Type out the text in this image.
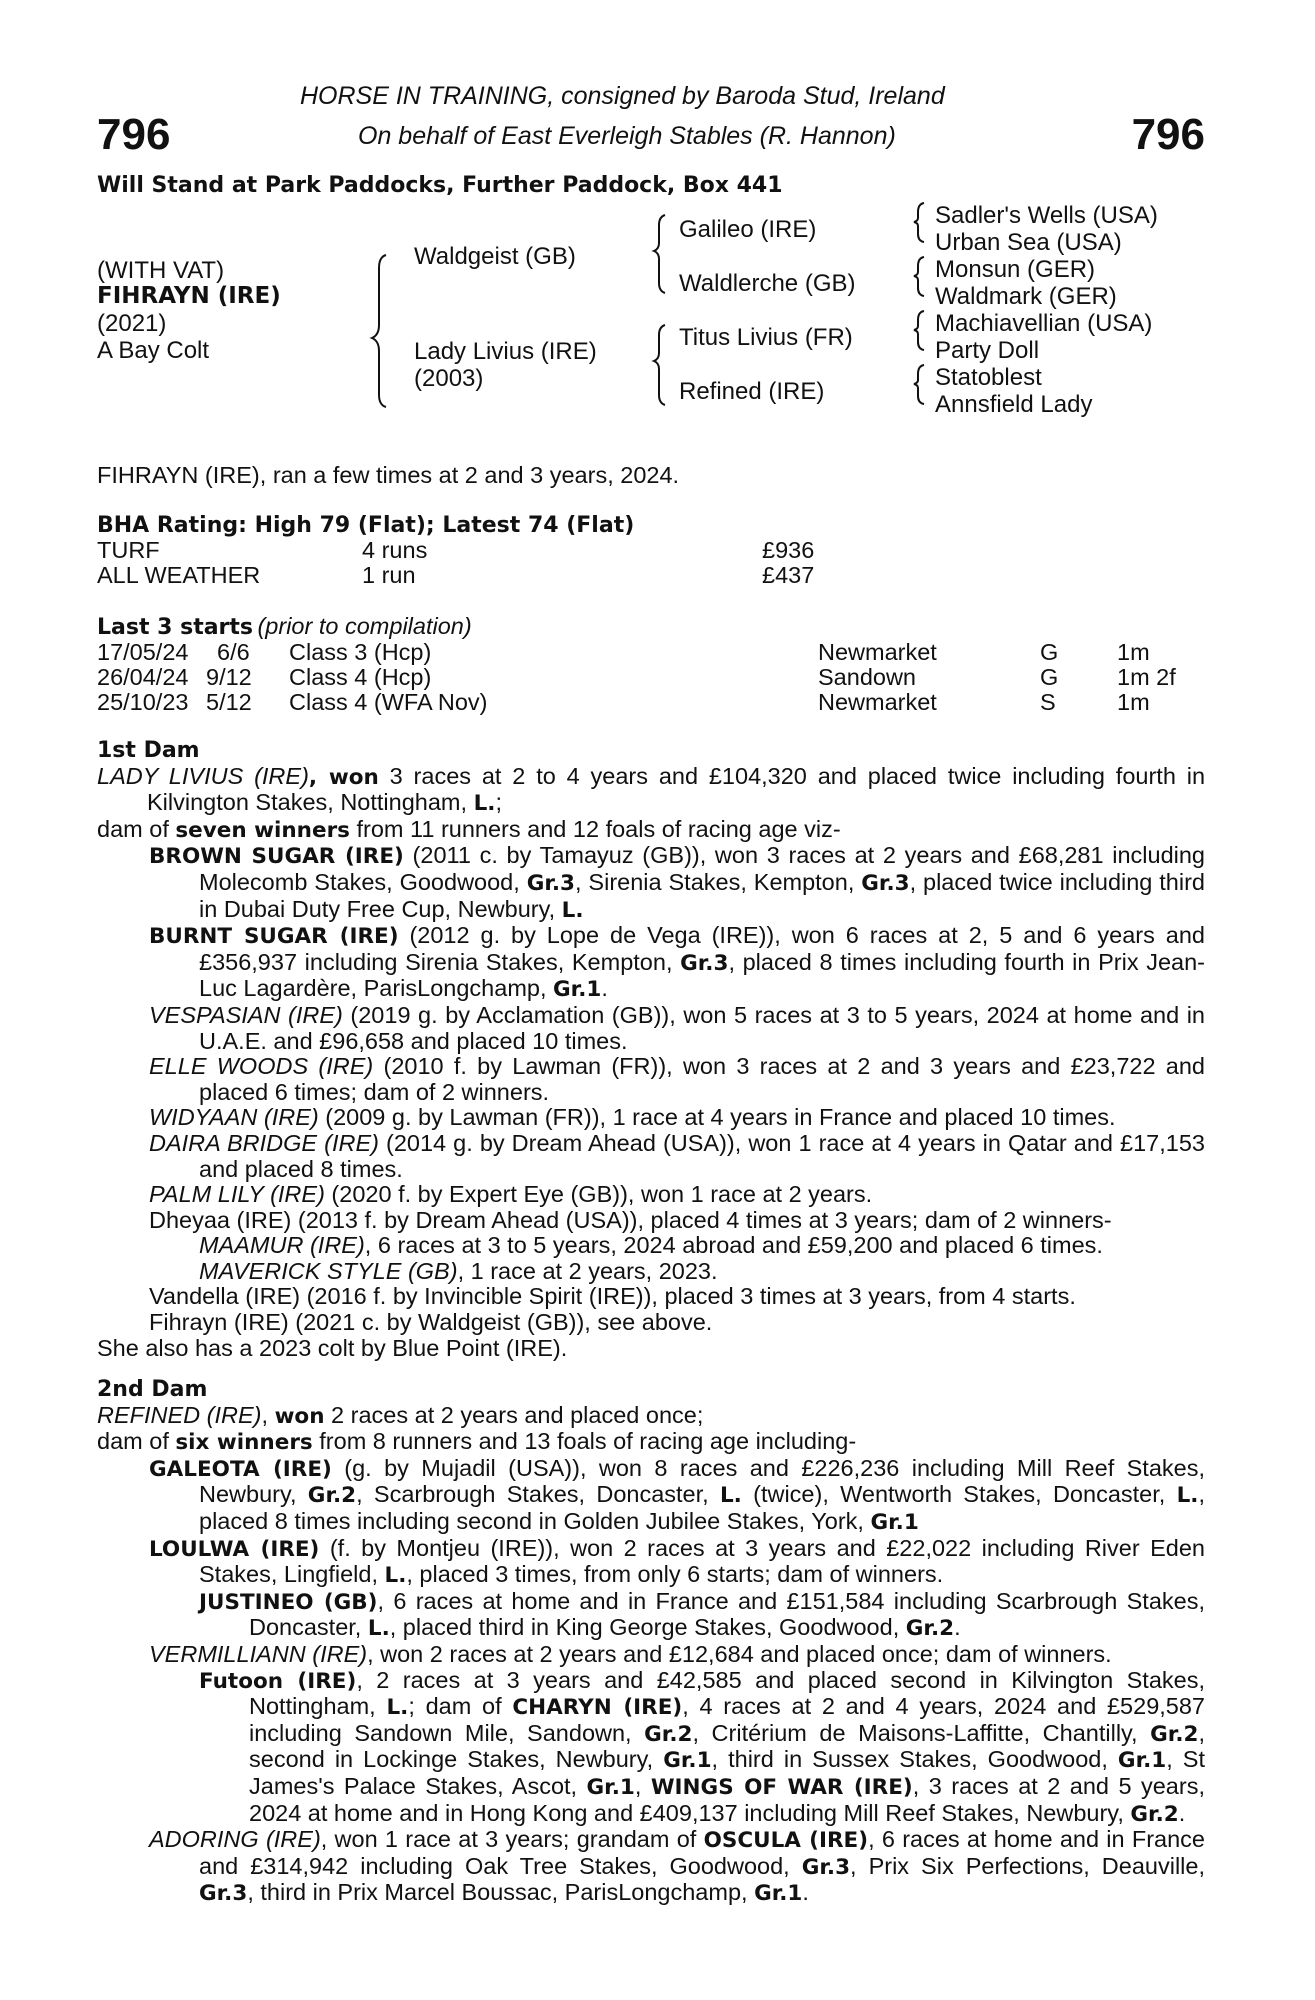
796	796
HORSE IN TRAINING, consigned by Baroda Stud, Ireland
On behalf of East Everleigh Stables (R. Hannon)
Will Stand at Park Paddocks, Further Paddock, Box 441
(WITH VAT)
FIHRAYN (IRE)
(2021)
A Bay Colt
Waldgeist (GB)
Lady Livius (IRE)
(2003)
Galileo (IRE)
Waldlerche (GB)
Titus Livius (FR)
Refined (IRE)
Sadler's Wells (USA)
Urban Sea (USA)
Monsun (GER)
Waldmark (GER)
Machiavellian (USA)
Party Doll
Statoblest
Annsfield Lady
FIHRAYN (IRE), ran a few times at 2 and 3 years, 2024.
BHA Rating: High 79 (Flat); Latest 74 (Flat)
TURF	4 runs	£936
ALL WEATHER	1 run	£437
Last 3 starts (prior to compilation)
17/05/24 6/6 Class 3 (Hcp)	Newmarket	G 1m
26/04/24 9/12 Class 4 (Hcp)	Sandown	G 1m 2f
25/10/23 5/12 Class 4 (WFA Nov)	Newmarket	S	1m
1st Dam
LADY LIVIUS (IRE), won 3 races at 2 to 4 years and £104,320 and placed twice including fourth in Kilvington Stakes, Nottingham, L.;
dam of seven winners from 11 runners and 12 foals of racing age viz-
BROWN SUGAR (IRE) (2011 c. by Tamayuz (GB)), won 3 races at 2 years and £68,281 including Molecomb Stakes, Goodwood, Gr.3, Sirenia Stakes, Kempton, Gr.3, placed twice including third in Dubai Duty Free Cup, Newbury, L.
BURNT SUGAR (IRE) (2012 g. by Lope de Vega (IRE)), won 6 races at 2, 5 and 6 years and £356,937 including Sirenia Stakes, Kempton, Gr.3, placed 8 times including fourth in Prix Jean-Luc Lagardère, ParisLongchamp, Gr.1.
VESPASIAN (IRE) (2019 g. by Acclamation (GB)), won 5 races at 3 to 5 years, 2024 at home and in U.A.E. and £96,658 and placed 10 times.
ELLE WOODS (IRE) (2010 f. by Lawman (FR)), won 3 races at 2 and 3 years and £23,722 and placed 6 times; dam of 2 winners.
WIDYAAN (IRE) (2009 g. by Lawman (FR)), 1 race at 4 years in France and placed 10 times.
DAIRA BRIDGE (IRE) (2014 g. by Dream Ahead (USA)), won 1 race at 4 years in Qatar and £17,153 and placed 8 times.
PALM LILY (IRE) (2020 f. by Expert Eye (GB)), won 1 race at 2 years.
Dheyaa (IRE) (2013 f. by Dream Ahead (USA)), placed 4 times at 3 years; dam of 2 winners-
MAAMUR (IRE), 6 races at 3 to 5 years, 2024 abroad and £59,200 and placed 6 times.
MAVERICK STYLE (GB), 1 race at 2 years, 2023.
Vandella (IRE) (2016 f. by Invincible Spirit (IRE)), placed 3 times at 3 years, from 4 starts.
Fihrayn (IRE) (2021 c. by Waldgeist (GB)), see above.
She also has a 2023 colt by Blue Point (IRE).
2nd Dam
REFINED (IRE), won 2 races at 2 years and placed once;
dam of six winners from 8 runners and 13 foals of racing age including-
GALEOTA (IRE) (g. by Mujadil (USA)), won 8 races and £226,236 including Mill Reef Stakes, Newbury, Gr.2, Scarbrough Stakes, Doncaster, L. (twice), Wentworth Stakes, Doncaster, L., placed 8 times including second in Golden Jubilee Stakes, York, Gr.1
LOULWA (IRE) (f. by Montjeu (IRE)), won 2 races at 3 years and £22,022 including River Eden Stakes, Lingfield, L., placed 3 times, from only 6 starts; dam of winners.
JUSTINEO (GB), 6 races at home and in France and £151,584 including Scarbrough Stakes, Doncaster, L., placed third in King George Stakes, Goodwood, Gr.2.
VERMILLIANN (IRE), won 2 races at 2 years and £12,684 and placed once; dam of winners.
Futoon (IRE), 2 races at 3 years and £42,585 and placed second in Kilvington Stakes, Nottingham, L.; dam of CHARYN (IRE), 4 races at 2 and 4 years, 2024 and £529,587 including Sandown Mile, Sandown, Gr.2, Critérium de Maisons-Laffitte, Chantilly, Gr.2, second in Lockinge Stakes, Newbury, Gr.1, third in Sussex Stakes, Goodwood, Gr.1, St James's Palace Stakes, Ascot, Gr.1, WINGS OF WAR (IRE), 3 races at 2 and 5 years, 2024 at home and in Hong Kong and £409,137 including Mill Reef Stakes, Newbury, Gr.2.
ADORING (IRE), won 1 race at 3 years; grandam of OSCULA (IRE), 6 races at home and in France and £314,942 including Oak Tree Stakes, Goodwood, Gr.3, Prix Six Perfections, Deauville, Gr.3, third in Prix Marcel Boussac, ParisLongchamp, Gr.1.
